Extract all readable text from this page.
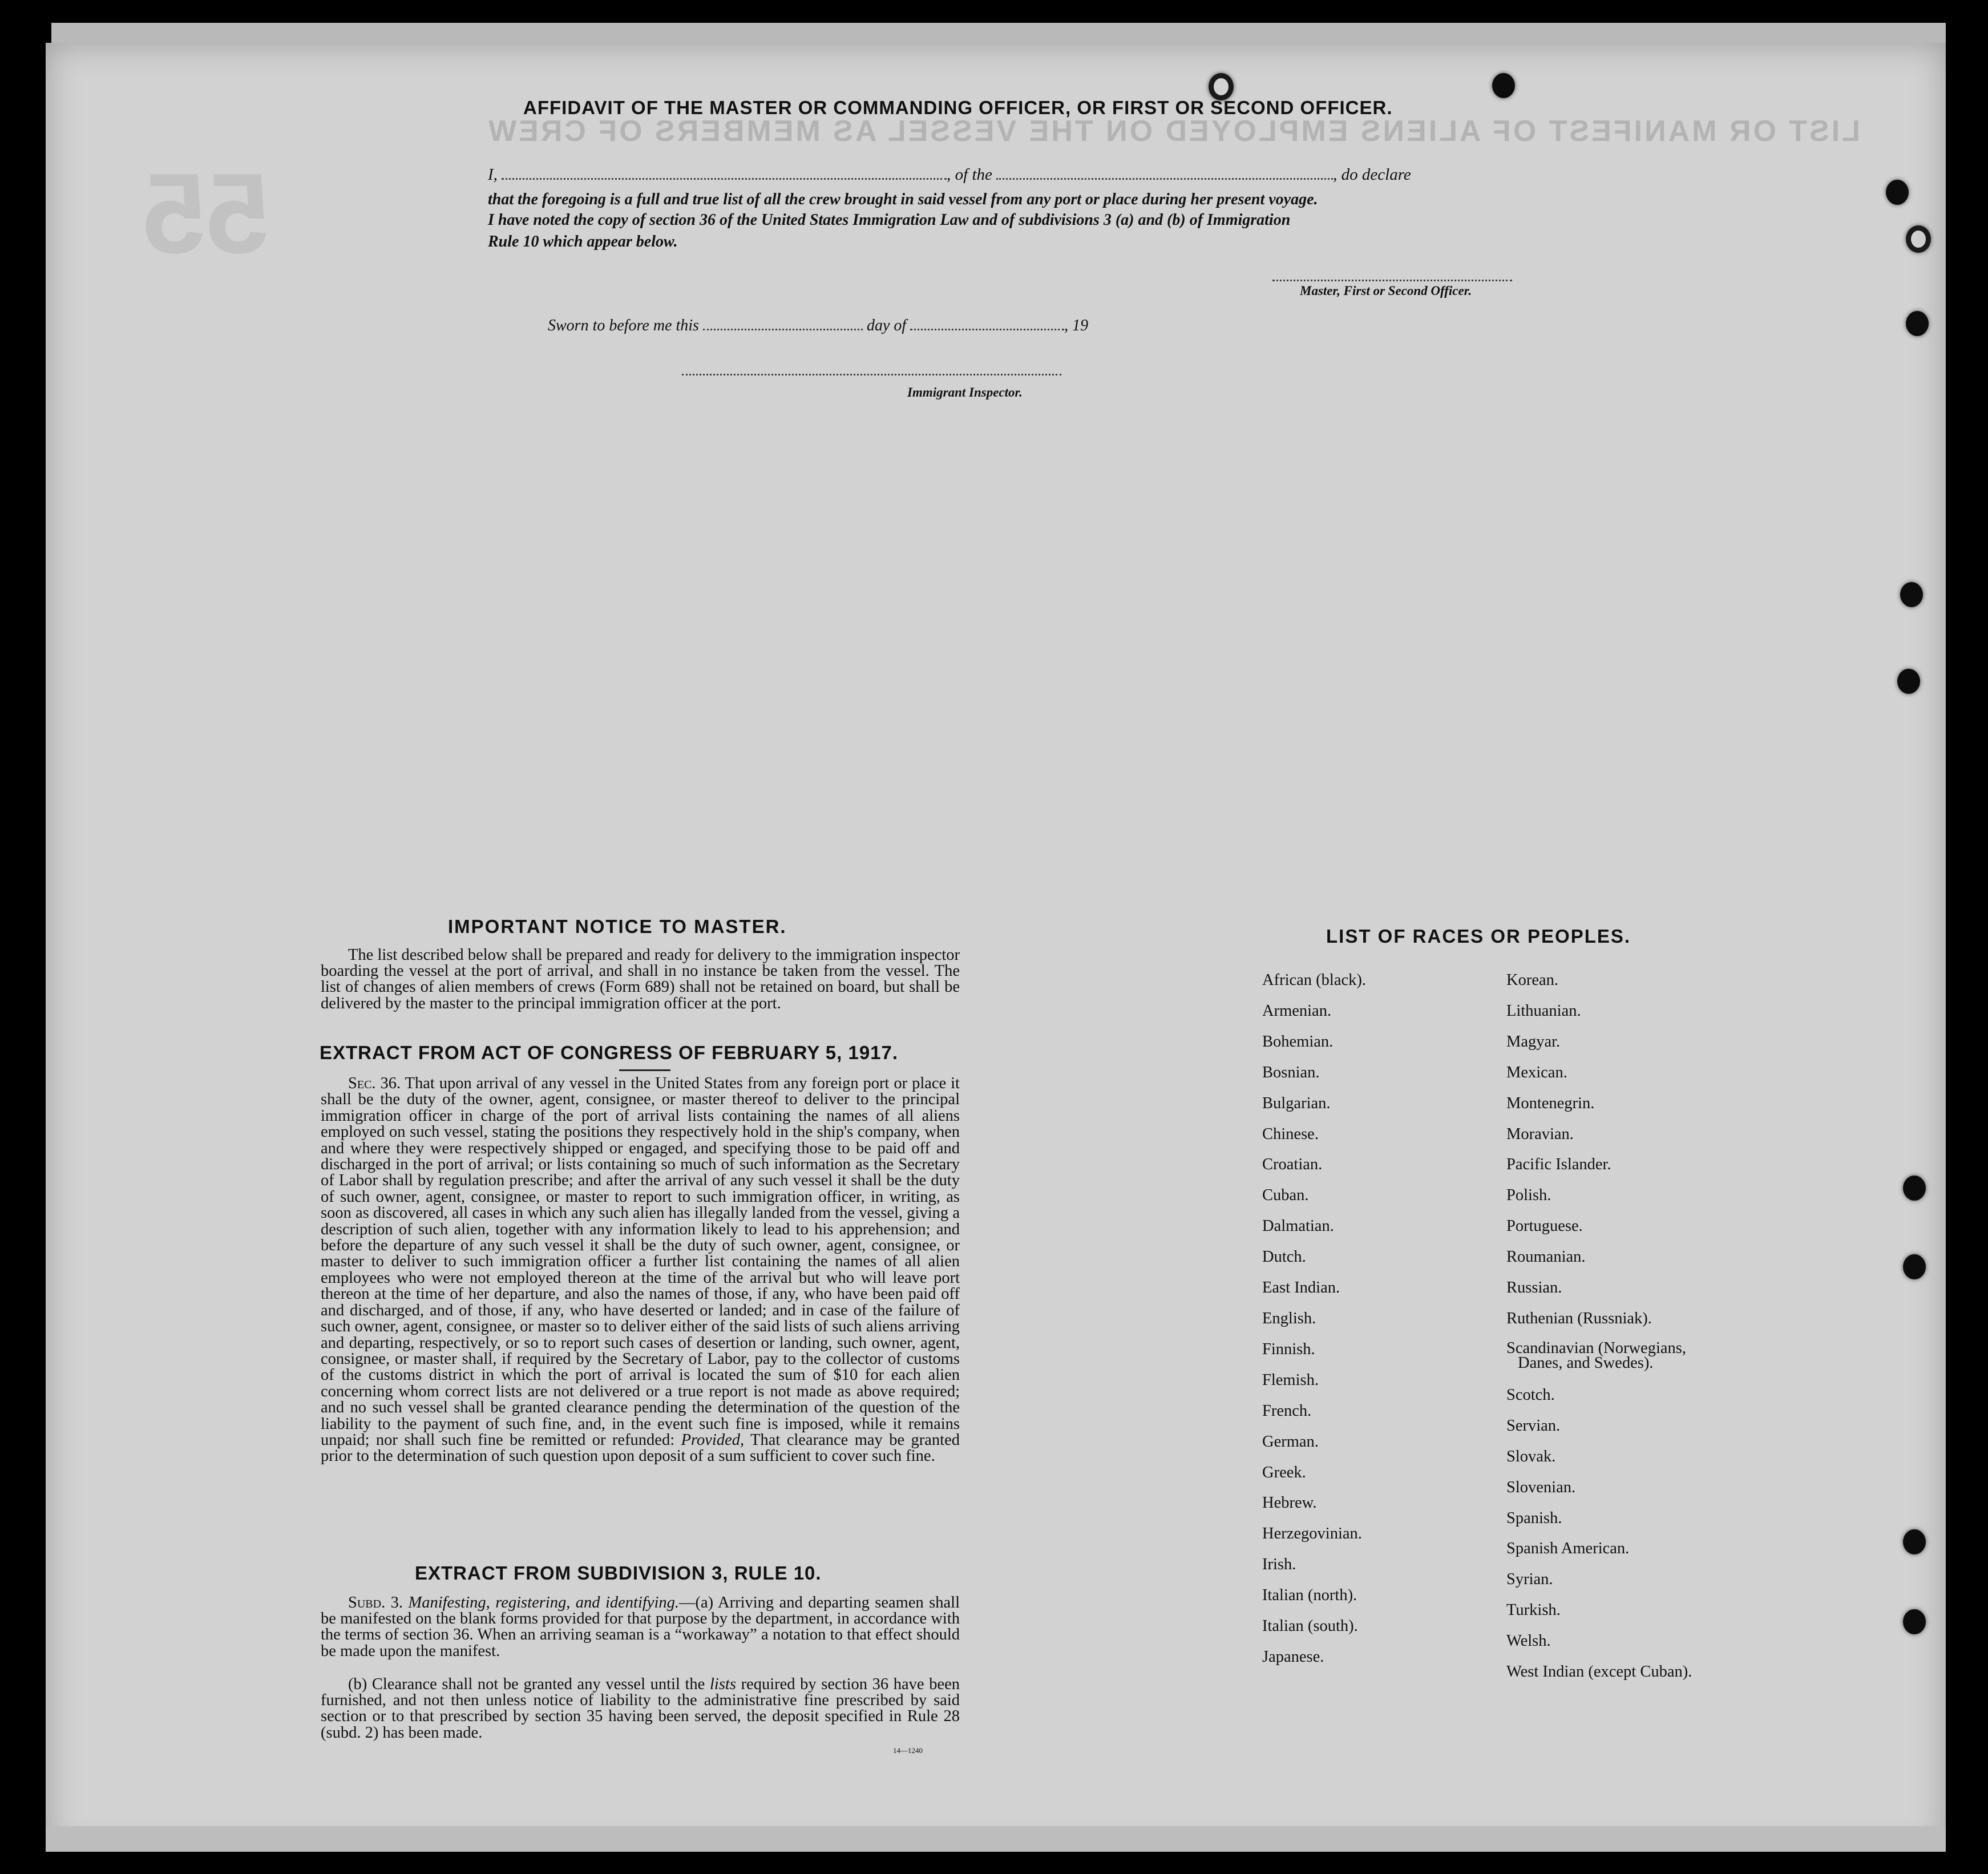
LIST OR MANIFEST OF ALIENS EMPLOYED ON THE VESSEL AS MEMBERS OF CREW
55
AFFIDAVIT OF THE MASTER OR COMMANDING OFFICER, OR FIRST OR SECOND OFFICER.
I,	, of the	, do declare
that the foregoing is a full and true list of all the crew brought in said vessel from any port or place during her present voyage.
I have noted the copy of section 36 of the United States Immigration Law and of subdivisions 3 (a) and (b) of Immigration
Rule 10 which appear below.
Master, First or Second Officer.
Sworn to before me this	day of	, 19
Immigrant Inspector.
IMPORTANT NOTICE TO MASTER.
The list described below shall be prepared and ready for delivery to the immigration inspector boarding the vessel at the port of arrival, and shall in no instance be taken from the vessel. The list of changes of alien members of crews (Form 689) shall not be retained on board, but shall be delivered by the master to the principal immigration officer at the port.
EXTRACT FROM ACT OF CONGRESS OF FEBRUARY 5, 1917.
Sec. 36. That upon arrival of any vessel in the United States from any foreign port or place it shall be the duty of the owner, agent, consignee, or master thereof to deliver to the principal immigration officer in charge of the port of arrival lists containing the names of all aliens employed on such vessel, stating the positions they respectively hold in the ship's company, when and where they were respectively shipped or engaged, and specifying those to be paid off and discharged in the port of arrival; or lists containing so much of such information as the Secretary of Labor shall by regulation prescribe; and after the arrival of any such vessel it shall be the duty of such owner, agent, consignee, or master to report to such immigration officer, in writing, as soon as discovered, all cases in which any such alien has illegally landed from the vessel, giving a description of such alien, together with any information likely to lead to his apprehension; and before the departure of any such vessel it shall be the duty of such owner, agent, consignee, or master to deliver to such immigration officer a further list containing the names of all alien employees who were not employed thereon at the time of the arrival but who will leave port thereon at the time of her departure, and also the names of those, if any, who have been paid off and discharged, and of those, if any, who have deserted or landed; and in case of the failure of such owner, agent, consignee, or master so to deliver either of the said lists of such aliens arriving and departing, respectively, or so to report such cases of desertion or landing, such owner, agent, consignee, or master shall, if required by the Secretary of Labor, pay to the collector of customs of the customs district in which the port of arrival is located the sum of $10 for each alien concerning whom correct lists are not delivered or a true report is not made as above required; and no such vessel shall be granted clearance pending the determination of the question of the liability to the payment of such fine, and, in the event such fine is imposed, while it remains unpaid; nor shall such fine be remitted or refunded: Provided, That clearance may be granted prior to the determination of such question upon deposit of a sum sufficient to cover such fine.
EXTRACT FROM SUBDIVISION 3, RULE 10.
Subd. 3. Manifesting, registering, and identifying.—(a) Arriving and departing seamen shall be manifested on the blank forms provided for that purpose by the department, in accordance with the terms of section 36. When an arriving seaman is a “workaway” a notation to that effect should be made upon the manifest.
(b) Clearance shall not be granted any vessel until the lists required by section 36 have been furnished, and not then unless notice of liability to the administrative fine prescribed by said section or to that prescribed by section 35 having been served, the deposit specified in Rule 28 (subd. 2) has been made.
14—1240
LIST OF RACES OR PEOPLES.
African (black).
Armenian.
Bohemian.
Bosnian.
Bulgarian.
Chinese.
Croatian.
Cuban.
Dalmatian.
Dutch.
East Indian.
English.
Finnish.
Flemish.
French.
German.
Greek.
Hebrew.
Herzegovinian.
Irish.
Italian (north).
Italian (south).
Japanese.
Korean.
Lithuanian.
Magyar.
Mexican.
Montenegrin.
Moravian.
Pacific Islander.
Polish.
Portuguese.
Roumanian.
Russian.
Ruthenian (Russniak).
Scandinavian (Norwegians,
Danes, and Swedes).
Scotch.
Servian.
Slovak.
Slovenian.
Spanish.
Spanish American.
Syrian.
Turkish.
Welsh.
West Indian (except Cuban).
